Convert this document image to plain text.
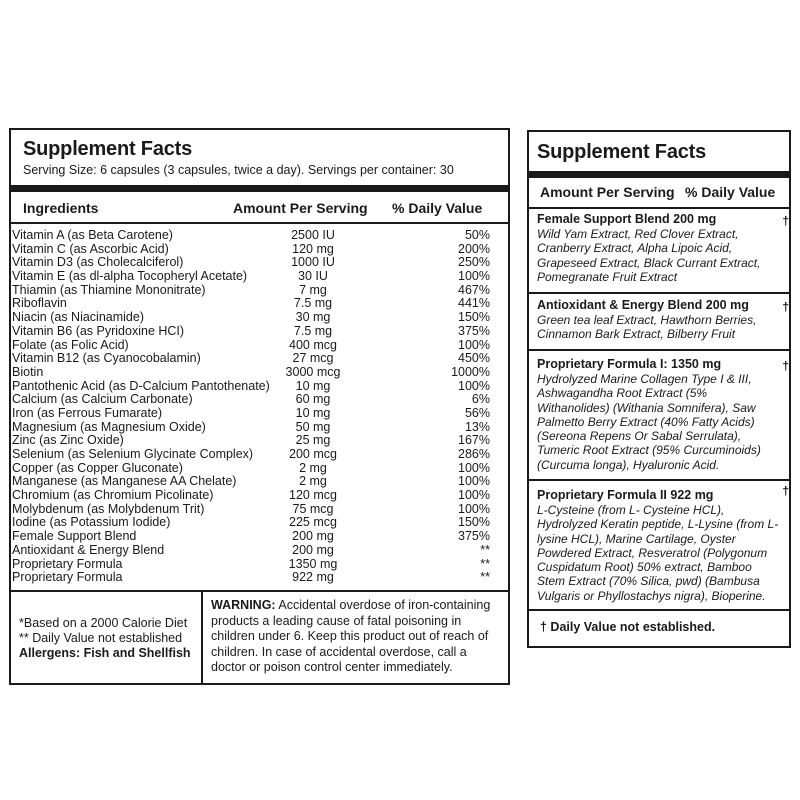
Supplement Facts
Serving Size: 6 capsules (3 capsules, twice a day). Servings per container: 30
Ingredients	Amount Per Serving % Daily Value
Vitamin A (as Beta Carotene)	2500 IU	50%
Vitamin C (as Ascorbic Acid)	120 mg	200%
Vitamin D3 (as Cholecalciferol)	1000 IU	250%
Vitamin E (as dl-alpha Tocopheryl Acetate)	30 IU	100%
Thiamin (as Thiamine Mononitrate)	7 mg	467%
Riboflavin	7.5 mg	441%
Niacin (as Niacinamide)	30 mg	150%
Vitamin B6 (as Pyridoxine HCI)	7.5 mg	375%
Folate (as Folic Acid)	400 mcg	100%
Vitamin B12 (as Cyanocobalamin)	27 mcg	450%
Biotin	3000 mcg	1000%
Pantothenic Acid (as D-Calcium Pantothenate)	10 mg	100%
Calcium (as Calcium Carbonate)	60 mg	6%
Iron (as Ferrous Fumarate)	10 mg	56%
Magnesium (as Magnesium Oxide)	50 mg	13%
Zinc (as Zinc Oxide)	25 mg	167%
Selenium (as Selenium Glycinate Complex)	200 mcg	286%
Copper (as Copper Gluconate)	2 mg	100%
Manganese (as Manganese AA Chelate)	2 mg	100%
Chromium (as Chromium Picolinate)	120 mcg	100%
Molybdenum (as Molybdenum Trit)	75 mcg	100%
Iodine (as Potassium Iodide)	225 mcg	150%
Female Support Blend	200 mg	375%
Antioxidant & Energy Blend	200 mg	**
Proprietary Formula	1350 mg	**
Proprietary Formula	922 mg	**
*Based on a 2000 Calorie Diet
** Daily Value not established
Allergens: Fish and Shellfish
WARNING: Accidental overdose of iron-containing products a leading cause of fatal poisoning in children under 6. Keep this product out of reach of children. In case of accidental overdose, call a doctor or poison control center immediately.
Supplement Facts
Amount Per Serving % Daily Value
Female Support Blend 200 mg
Wild Yam Extract, Red Clover Extract, Cranberry Extract, Alpha Lipoic Acid, Grapeseed Extract, Black Currant Extract, Pomegranate Fruit Extract
†
Antioxidant & Energy Blend 200 mg
Green tea leaf Extract, Hawthorn Berries, Cinnamon Bark Extract, Bilberry Fruit
†
Proprietary Formula I: 1350 mg
Hydrolyzed Marine Collagen Type I & III, Ashwagandha Root Extract (5% Withanolides) (Withania Somnifera), Saw Palmetto Berry Extract (40% Fatty Acids) (Sereona Repens Or Sabal Serrulata), Tumeric Root Extract (95% Curcuminoids) (Curcuma longa), Hyaluronic Acid.
†
Proprietary Formula II 922 mg
L-Cysteine (from L- Cysteine HCL), Hydrolyzed Keratin peptide, L-Lysine (from L-lysine HCL), Marine Cartilage, Oyster Powdered Extract, Resveratrol (Polygonum Cuspidatum Root) 50% extract, Bamboo Stem Extract (70% Silica, pwd) (Bambusa Vulgaris or Phyllostachys nigra), Bioperine.
†
† Daily Value not established.
